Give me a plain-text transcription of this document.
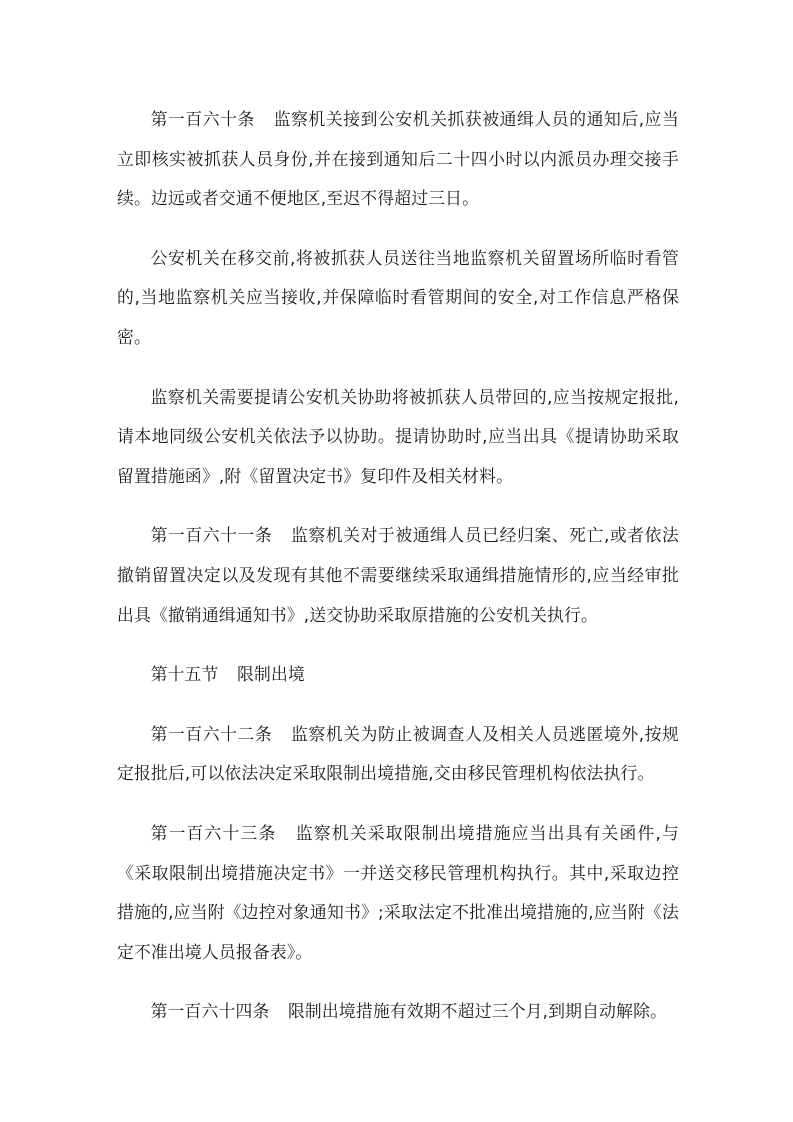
第一百六十条 监察机关接到公安机关抓获被通缉人员的通知后,应当立即核实被抓获人员身份,并在接到通知后二十四小时以内派员办理交接手续。边远或者交通不便地区,至迟不得超过三日。

公安机关在移交前,将被抓获人员送往当地监察机关留置场所临时看管的,当地监察机关应当接收,并保障临时看管期间的安全,对工作信息严格保密。

监察机关需要提请公安机关协助将被抓获人员带回的,应当按规定报批,请本地同级公安机关依法予以协助。提请协助时,应当出具《提请协助采取留置措施函》,附《留置决定书》复印件及相关材料。

第一百六十一条 监察机关对于被通缉人员已经归案、死亡,或者依法撤销留置决定以及发现有其他不需要继续采取通缉措施情形的,应当经审批出具《撤销通缉通知书》,送交协助采取原措施的公安机关执行。

第十五节 限制出境

第一百六十二条 监察机关为防止被调查人及相关人员逃匿境外,按规定报批后,可以依法决定采取限制出境措施,交由移民管理机构依法执行。

第一百六十三条 监察机关采取限制出境措施应当出具有关函件,与《采取限制出境措施决定书》一并送交移民管理机构执行。其中,采取边控措施的,应当附《边控对象通知书》;采取法定不批准出境措施的,应当附《法定不准出境人员报备表》。

第一百六十四条 限制出境措施有效期不超过三个月,到期自动解除。
